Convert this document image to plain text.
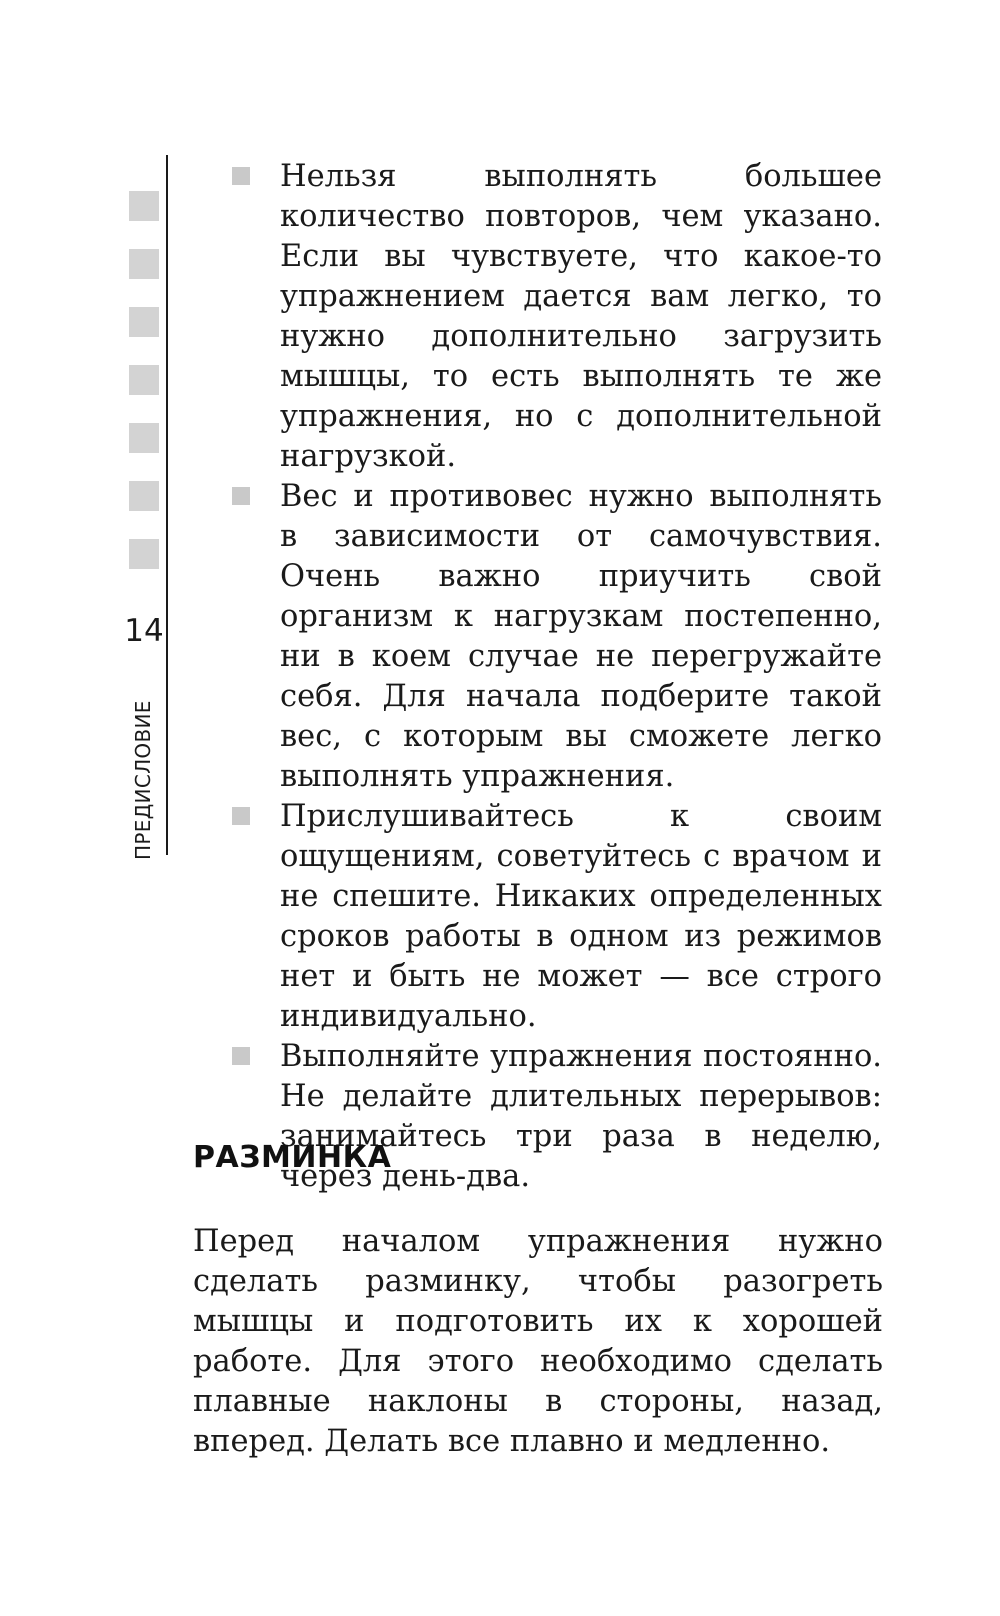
14
ПРЕДИСЛОВИЕ
Нельзя выполнять большее количество повторов, чем указано. Если вы чувствуете, что какое-то упражнением дается вам легко, то нужно дополнительно загрузить мышцы, то есть выполнять те же упражнения, но с дополнительной нагрузкой.
Вес и противовес нужно выполнять в зависимости от самочувствия. Очень важно приучить свой организм к нагрузкам постепенно, ни в коем случае не перегружайте себя. Для начала подберите такой вес, с которым вы сможете легко выполнять упражнения.
Прислушивайтесь к своим ощущениям, советуйтесь с врачом и не спешите. Никаких определенных сроков работы в одном из режимов нет и быть не может — все строго индивидуально.
Выполняйте упражнения постоянно. Не делайте длительных перерывов: занимайтесь три раза в неделю, через день-два.
РАЗМИНКА

Перед началом упражнения нужно сделать разминку, чтобы разогреть мышцы и подготовить их к хорошей работе. Для этого необходимо сделать плавные наклоны в стороны, назад, вперед. Делать все плавно и медленно.
